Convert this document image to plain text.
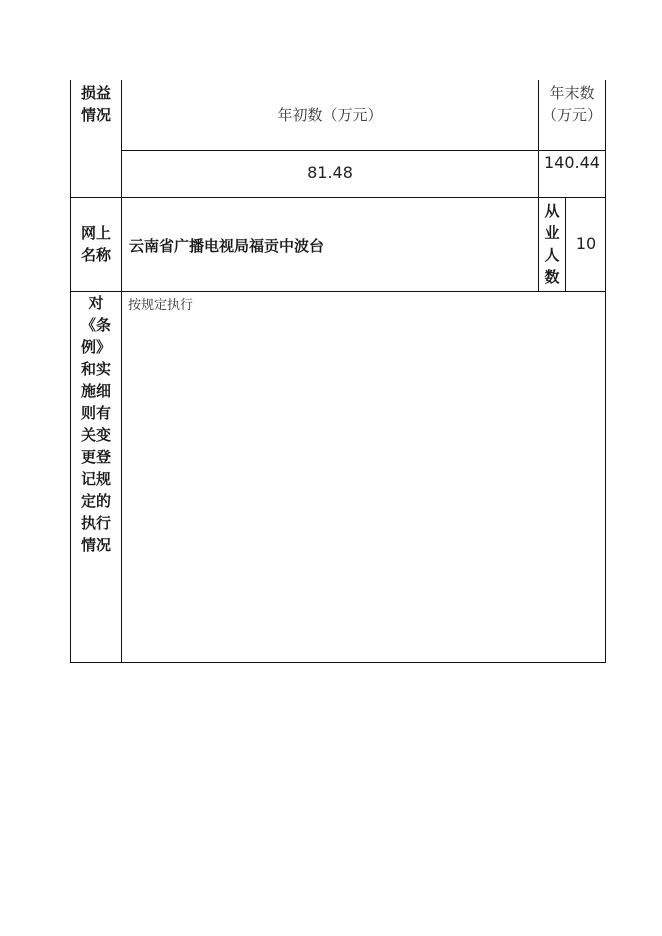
损益情况	年初数（万元）
年末数（万元）
81.48
140.44
网上名称	云南省广播电视局福贡中波台
从业人数
10
对《条例》和实施细则有关变更登记规定的执行情况
按规定执行
